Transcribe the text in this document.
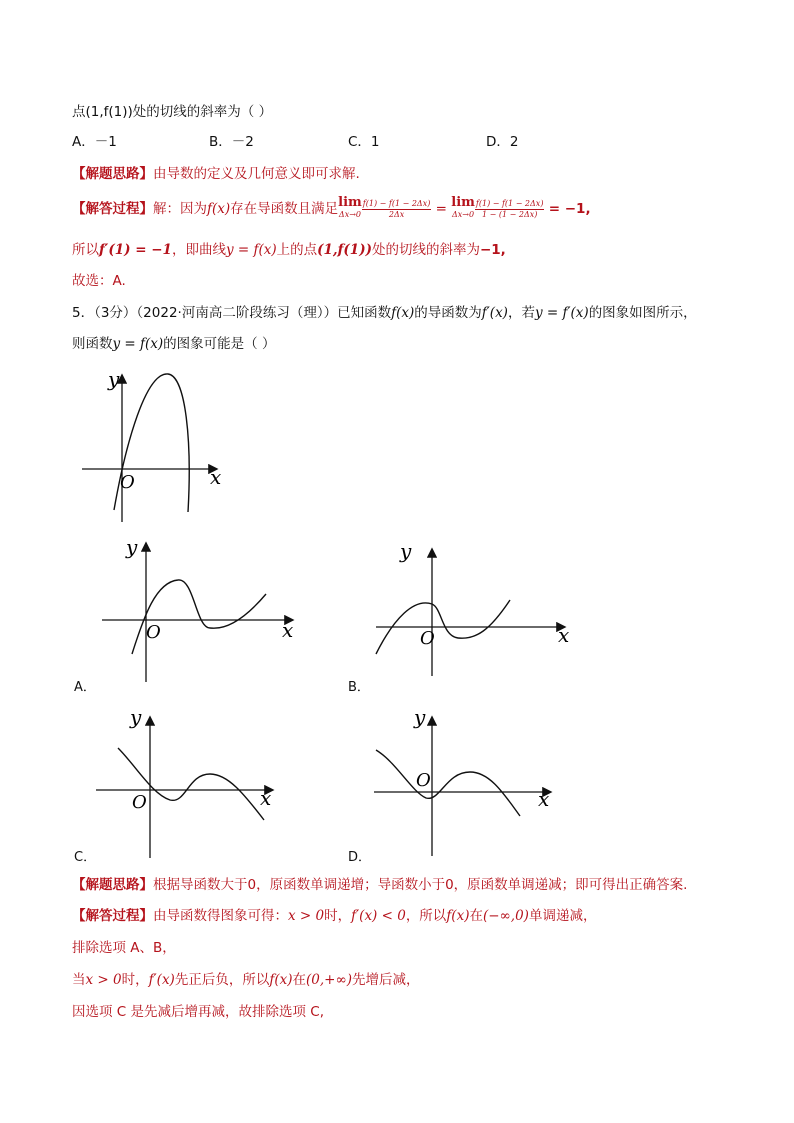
点(1,f(1))处的切线的斜率为（ ）
A．－1	B．－2	C．1	D．2
【解题思路】由导数的定义及几何意义即可求解.
【解答过程】解：因为f(x)存在导函数且满足 lim
$\Delta x\to 0 \frac{f(1) - f(1 - 2\Delta x)}{2\Delta x} = \lim$
$\Delta x\to 0 \frac{f(1) - f(1 - 2\Delta x)}{1 - (1 - 2\Delta x)} = -1$,
所以f′(1) = −1，即曲线y = f(x)上的点(1,f(1))处的切线的斜率为−1,
故选：A.
5．（3分）（2022·河南高二阶段练习（理））已知函数f(x)的导函数为f′(x)，若y = f′(x)的图象如图所示，
则函数y = f(x)的图象可能是（ ）
x
y
O
x
y
O
A．
x
y
O
B．
x
y
O
C．
x
y
O
D．
【解题思路】根据导函数大于0，原函数单调递增；导函数小于0，原函数单调递减；即可得出正确答案.
【解答过程】由导函数得图象可得：x > 0时，f′(x) < 0，所以f(x)在(−∞,0)单调递减，
排除选项 A、B，
当x > 0时，f′(x)先正后负，所以f(x)在(0,+∞)先增后减，
因选项 C 是先减后增再减，故排除选项 C,
